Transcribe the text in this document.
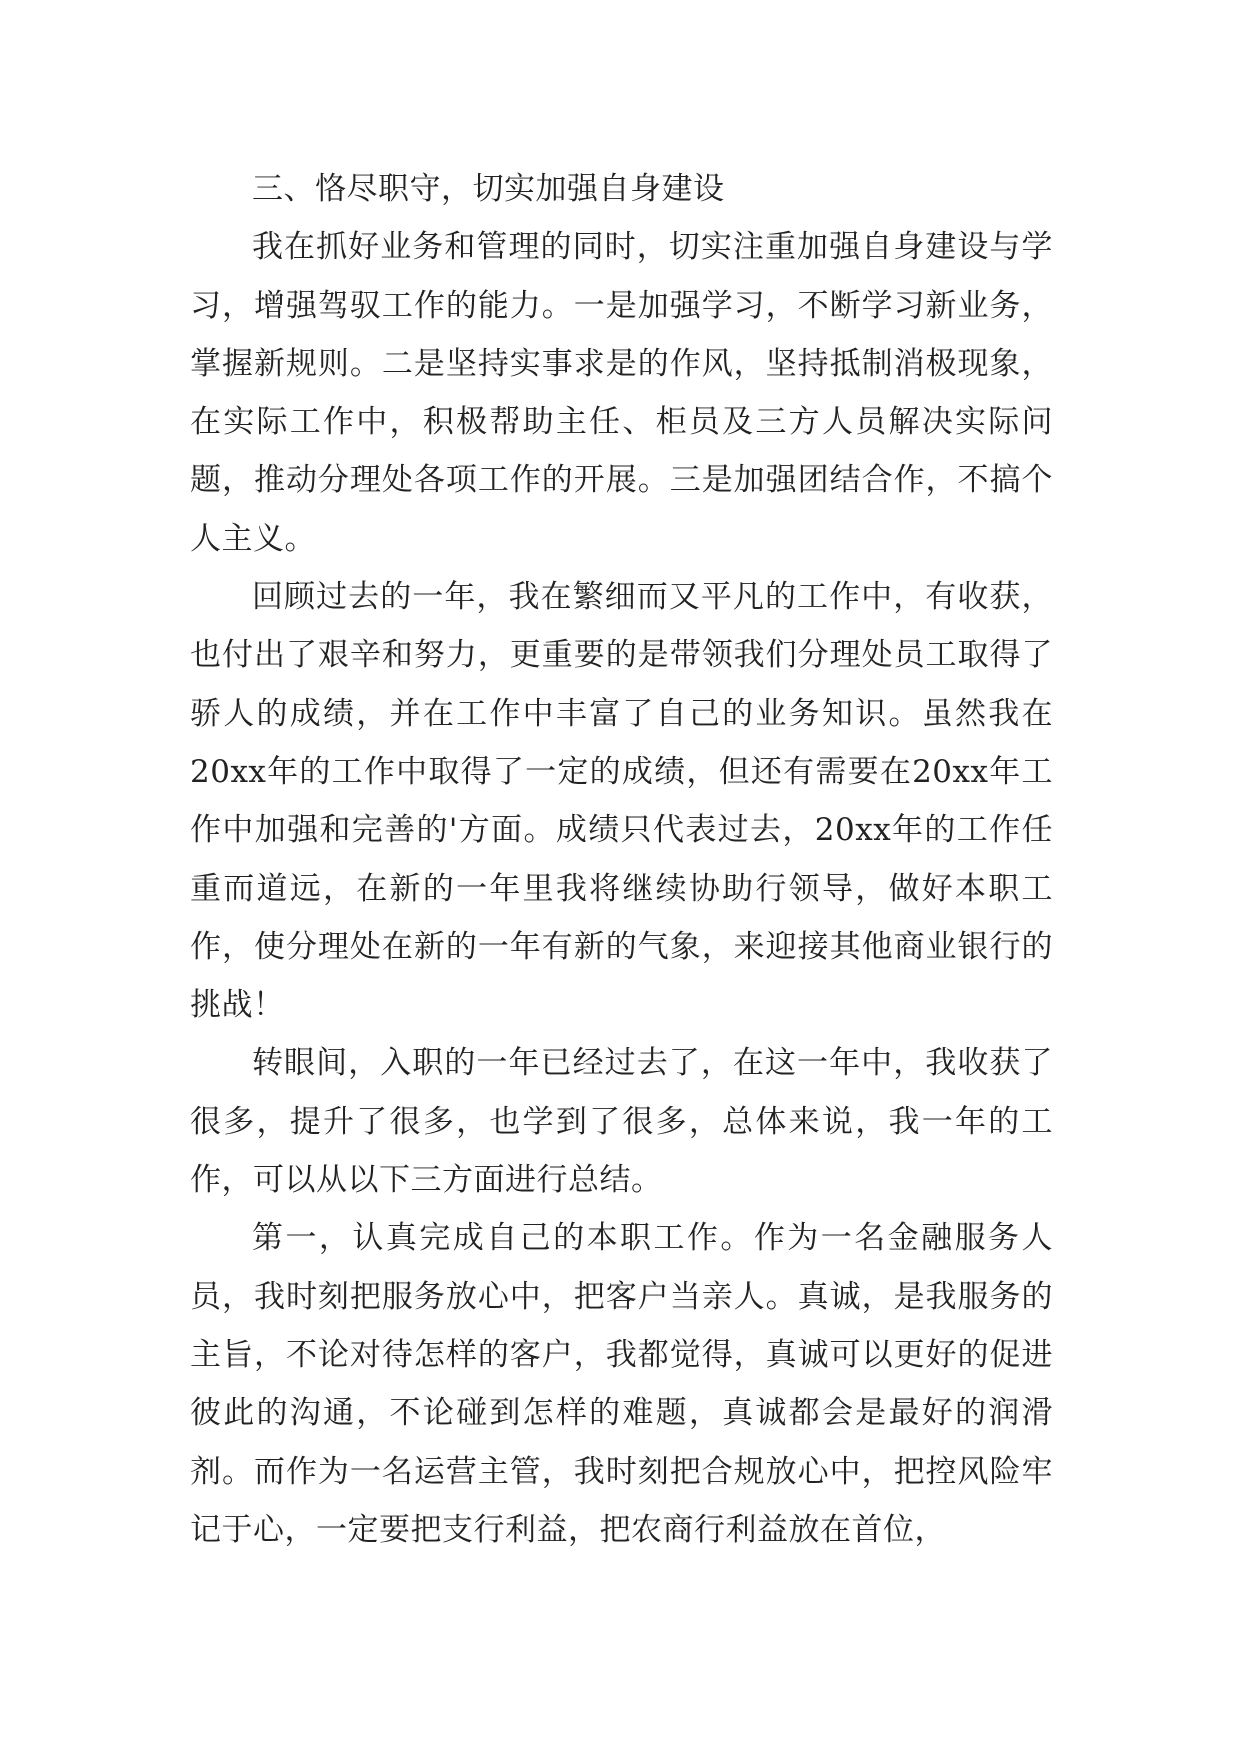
三、恪尽职守，切实加强自身建设

我在抓好业务和管理的同时，切实注重加强自身建设与学习，增强驾驭工作的能力。一是加强学习，不断学习新业务，掌握新规则。二是坚持实事求是的作风，坚持抵制消极现象，在实际工作中，积极帮助主任、柜员及三方人员解决实际问题，推动分理处各项工作的开展。三是加强团结合作，不搞个人主义。

回顾过去的一年，我在繁细而又平凡的工作中，有收获，也付出了艰辛和努力，更重要的是带领我们分理处员工取得了骄人的成绩，并在工作中丰富了自己的业务知识。虽然我在20xx年的工作中取得了一定的成绩，但还有需要在20xx年工作中加强和完善的'方面。成绩只代表过去，20xx年的工作任重而道远，在新的一年里我将继续协助行领导，做好本职工作，使分理处在新的一年有新的气象，来迎接其他商业银行的挑战！

转眼间，入职的一年已经过去了，在这一年中，我收获了很多，提升了很多，也学到了很多，总体来说，我一年的工作，可以从以下三方面进行总结。

第一，认真完成自己的本职工作。作为一名金融服务人员，我时刻把服务放心中，把客户当亲人。真诚，是我服务的主旨，不论对待怎样的客户，我都觉得，真诚可以更好的促进彼此的沟通，不论碰到怎样的难题，真诚都会是最好的润滑剂。而作为一名运营主管，我时刻把合规放心中，把控风险牢记于心，一定要把支行利益，把农商行利益放在首位，
